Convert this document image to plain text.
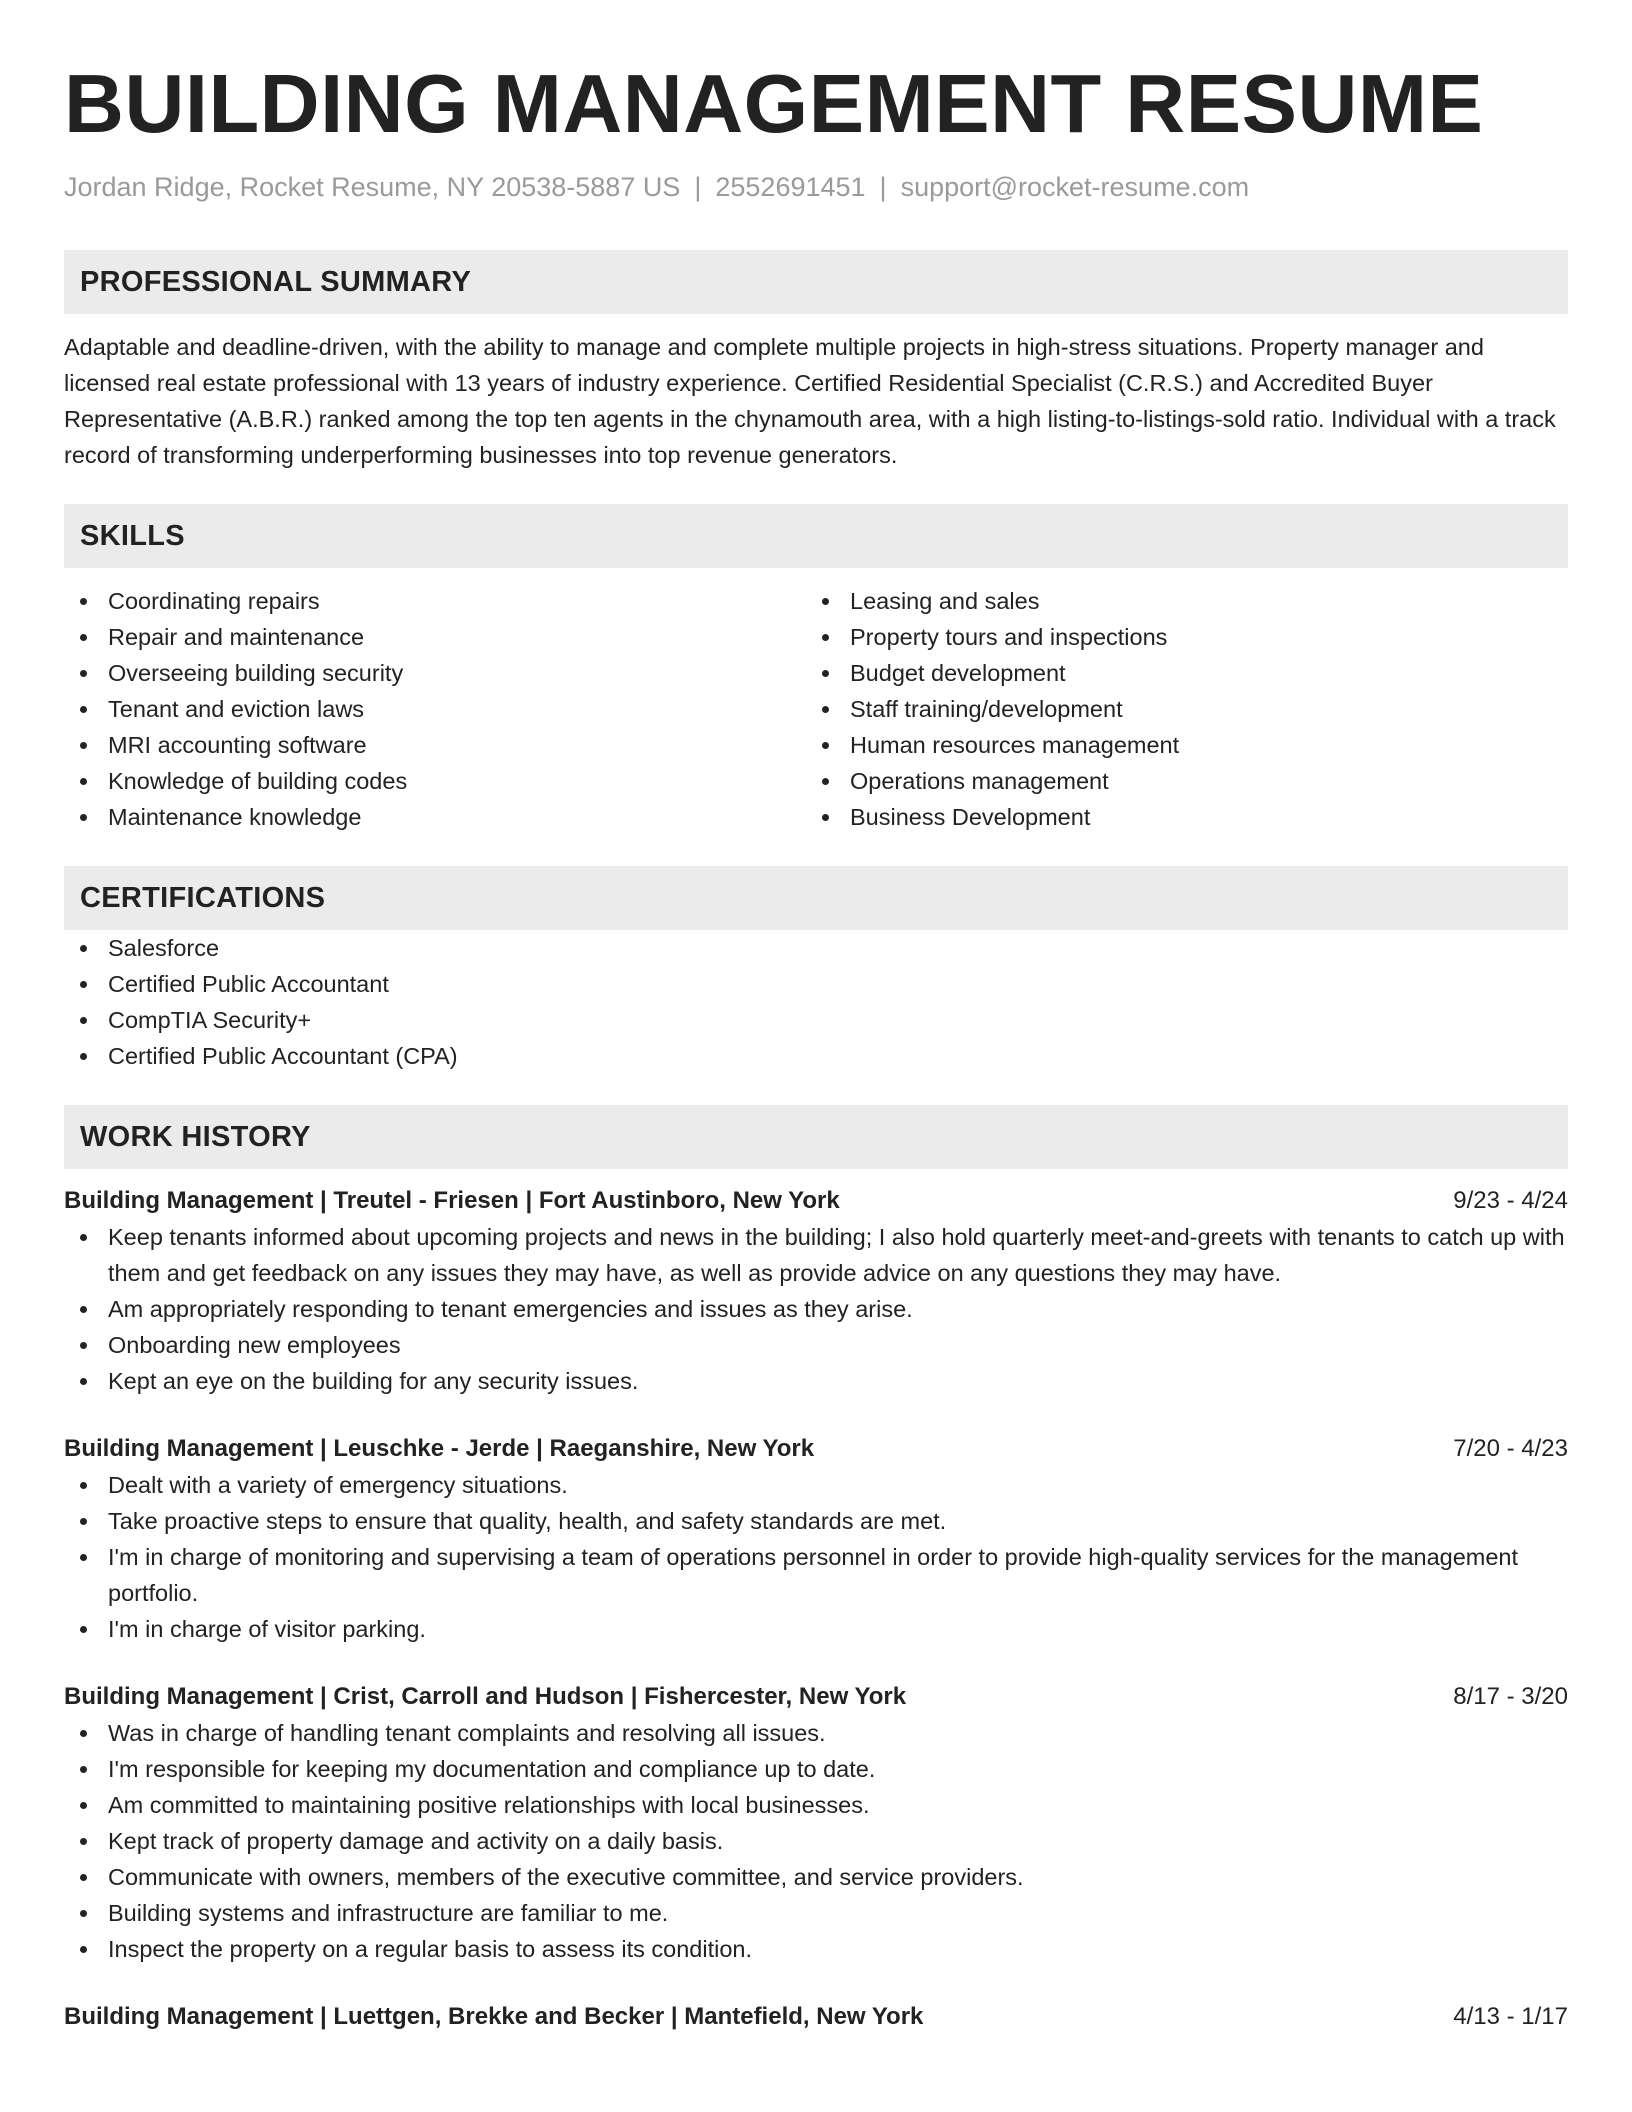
BUILDING MANAGEMENT RESUME
Jordan Ridge, Rocket Resume, NY 20538-5887 US | 2552691451 | support@rocket-resume.com
PROFESSIONAL SUMMARY

Adaptable and deadline-driven, with the ability to manage and complete multiple projects in high-stress situations. Property manager and licensed real estate professional with 13 years of industry experience. Certified Residential Specialist (C.R.S.) and Accredited Buyer Representative (A.B.R.) ranked among the top ten agents in the chynamouth area, with a high listing-to-listings-sold ratio. Individual with a track record of transforming underperforming businesses into top revenue generators.

SKILLS
Coordinating repairs
Repair and maintenance
Overseeing building security
Tenant and eviction laws
MRI accounting software
Knowledge of building codes
Maintenance knowledge
Leasing and sales
Property tours and inspections
Budget development
Staff training/development
Human resources management
Operations management
Business Development
CERTIFICATIONS
Salesforce
Certified Public Accountant
CompTIA Security+
Certified Public Accountant (CPA)
WORK HISTORY
Building Management | Treutel - Friesen | Fort Austinboro, New York	9/23 - 4/24
Keep tenants informed about upcoming projects and news in the building; I also hold quarterly meet-and-greets with tenants to catch up with them and get feedback on any issues they may have, as well as provide advice on any questions they may have.
Am appropriately responding to tenant emergencies and issues as they arise.
Onboarding new employees
Kept an eye on the building for any security issues.
Building Management | Leuschke - Jerde | Raeganshire, New York	7/20 - 4/23
Dealt with a variety of emergency situations.
Take proactive steps to ensure that quality, health, and safety standards are met.
I'm in charge of monitoring and supervising a team of operations personnel in order to provide high-quality services for the management portfolio.
I'm in charge of visitor parking.
Building Management | Crist, Carroll and Hudson | Fishercester, New York	8/17 - 3/20
Was in charge of handling tenant complaints and resolving all issues.
I'm responsible for keeping my documentation and compliance up to date.
Am committed to maintaining positive relationships with local businesses.
Kept track of property damage and activity on a daily basis.
Communicate with owners, members of the executive committee, and service providers.
Building systems and infrastructure are familiar to me.
Inspect the property on a regular basis to assess its condition.
Building Management | Luettgen, Brekke and Becker | Mantefield, New York	4/13 - 1/17
